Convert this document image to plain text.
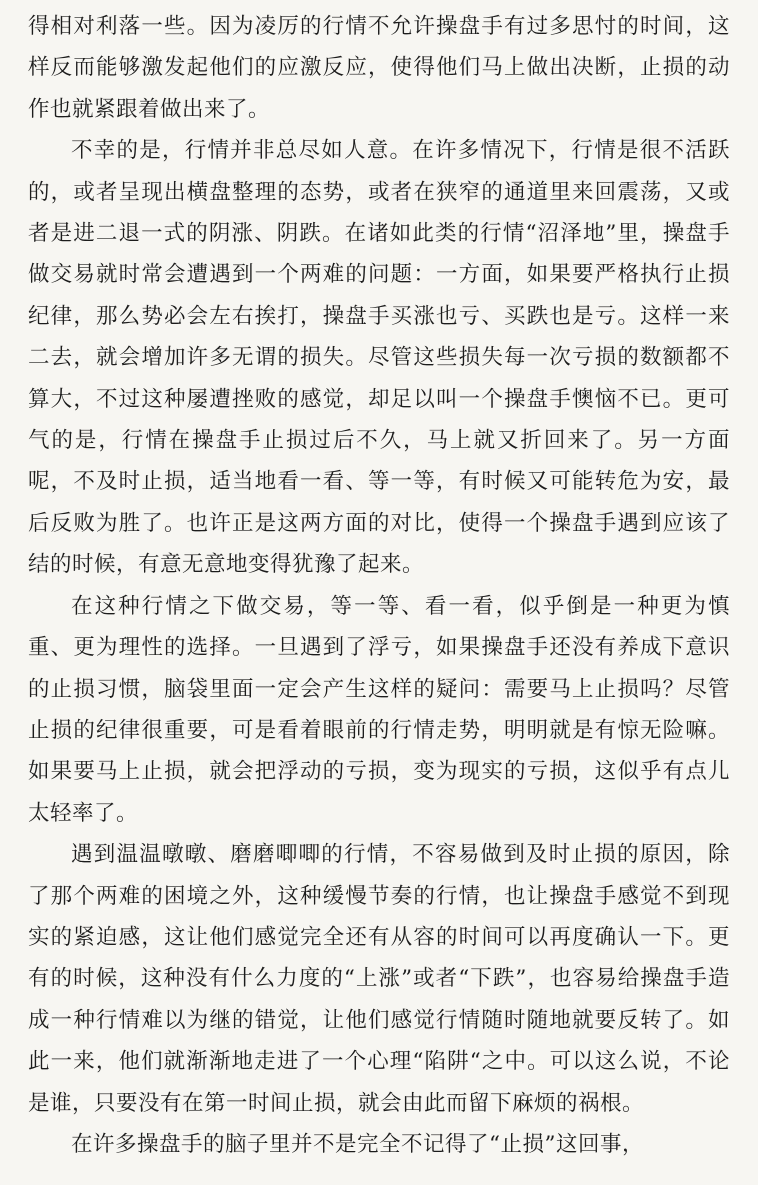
得相对利落一些。因为凌厉的行情不允许操盘手有过多思忖的时间，这样反而能够激发起他们的应激反应，使得他们马上做出决断，止损的动作也就紧跟着做出来了。

不幸的是，行情并非总尽如人意。在许多情况下，行情是很不活跃的，或者呈现出横盘整理的态势，或者在狭窄的通道里来回震荡，又或者是进二退一式的阴涨、阴跌。在诸如此类的行情“沼泽地”里，操盘手做交易就时常会遭遇到一个两难的问题：一方面，如果要严格执行止损纪律，那么势必会左右挨打，操盘手买涨也亏、买跌也是亏。这样一来二去，就会增加许多无谓的损失。尽管这些损失每一次亏损的数额都不算大，不过这种屡遭挫败的感觉，却足以叫一个操盘手懊恼不已。更可气的是，行情在操盘手止损过后不久，马上就又折回来了。另一方面呢，不及时止损，适当地看一看、等一等，有时候又可能转危为安，最后反败为胜了。也许正是这两方面的对比，使得一个操盘手遇到应该了结的时候，有意无意地变得犹豫了起来。

在这种行情之下做交易，等一等、看一看，似乎倒是一种更为慎重、更为理性的选择。一旦遇到了浮亏，如果操盘手还没有养成下意识的止损习惯，脑袋里面一定会产生这样的疑问：需要马上止损吗？尽管止损的纪律很重要，可是看着眼前的行情走势，明明就是有惊无险嘛。如果要马上止损，就会把浮动的亏损，变为现实的亏损，这似乎有点儿太轻率了。

遇到温温暾暾、磨磨唧唧的行情，不容易做到及时止损的原因，除了那个两难的困境之外，这种缓慢节奏的行情，也让操盘手感觉不到现实的紧迫感，这让他们感觉完全还有从容的时间可以再度确认一下。更有的时候，这种没有什么力度的“上涨”或者“下跌”，也容易给操盘手造成一种行情难以为继的错觉，让他们感觉行情随时随地就要反转了。如此一来，他们就渐渐地走进了一个心理“陷阱“之中。可以这么说，不论是谁，只要没有在第一时间止损，就会由此而留下麻烦的祸根。

在许多操盘手的脑子里并不是完全不记得了“止损”这回事，
